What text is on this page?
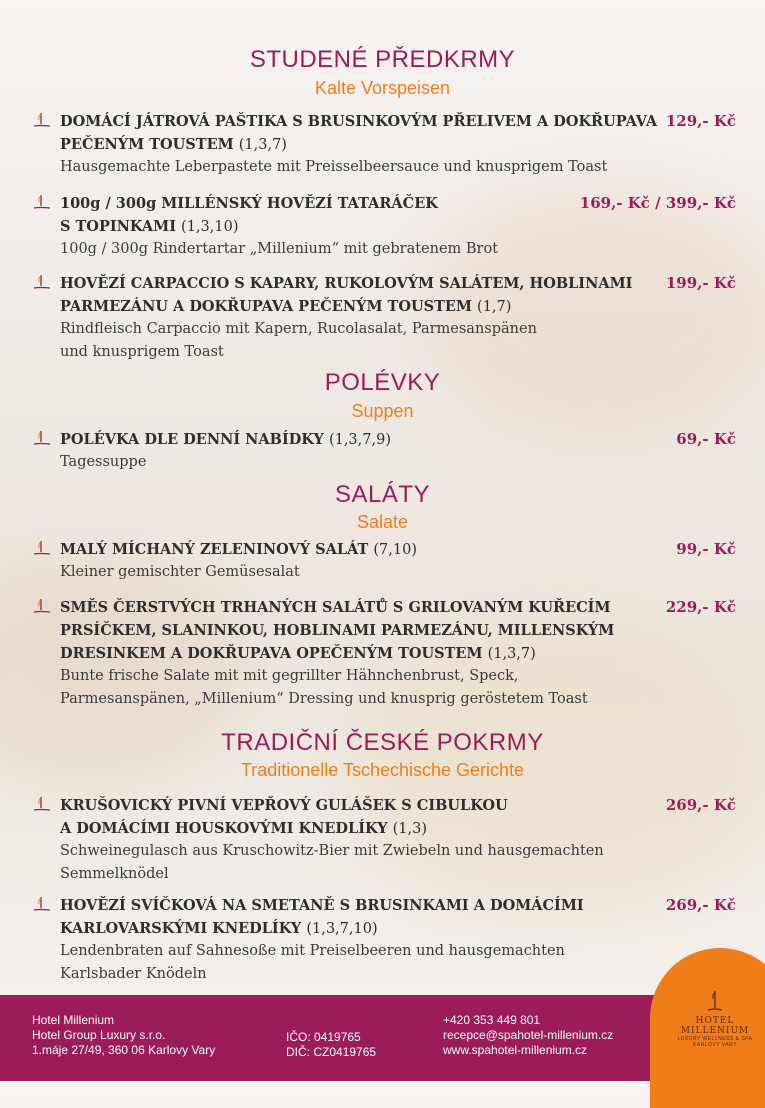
STUDENÉ PŘEDKRMY
Kalte Vorspeisen
DOMÁCÍ JÁTROVÁ PAŠTIKA S BRUSINKOVÝM PŘELIVEM A DOKŘUPAVA
PEČENÝM TOUSTEM (1,3,7)
129,- Kč
Hausgemachte Leberpastete mit Preisselbeersauce und knusprigem Toast
100g / 300g MILLÉNSKÝ HOVĚZÍ TATARÁČEK
S TOPINKAMI (1,3,10)
169,- Kč / 399,- Kč
100g / 300g Rindertartar „Millenium“ mit gebratenem Brot
HOVĚZÍ CARPACCIO S KAPARY, RUKOLOVÝM SALÁTEM, HOBLINAMI
PARMEZÁNU A DOKŘUPAVA PEČENÝM TOUSTEM (1,7)
199,- Kč
Rindfleisch Carpaccio mit Kapern, Rucolasalat, Parmesanspänen
und knusprigem Toast
POLÉVKY
Suppen
POLÉVKA DLE DENNÍ NABÍDKY (1,3,7,9)	69,- Kč
Tagessuppe
SALÁTY
Salate
MALÝ MÍCHANÝ ZELENINOVÝ SALÁT (7,10)	99,- Kč
Kleiner gemischter Gemüsesalat
SMĚS ČERSTVÝCH TRHANÝCH SALÁTŮ S GRILOVANÝM KUŘECÍM
PRSÍČKEM, SLANINKOU, HOBLINAMI PARMEZÁNU, MILLENSKÝM
DRESINKEM A DOKŘUPAVA OPEČENÝM TOUSTEM (1,3,7)
229,- Kč
Bunte frische Salate mit mit gegrillter Hähnchenbrust, Speck,
Parmesanspänen, „Millenium“ Dressing und knusprig geröstetem Toast
TRADIČNÍ ČESKÉ POKRMY
Traditionelle Tschechische Gerichte
KRUŠOVICKÝ PIVNÍ VEPŘOVÝ GULÁŠEK S CIBULKOU
A DOMÁCÍMI HOUSKOVÝMI KNEDLÍKY (1,3)
269,- Kč
Schweinegulasch aus Kruschowitz-Bier mit Zwiebeln und hausgemachten
Semmelknödel
HOVĚZÍ SVÍČKOVÁ NA SMETANĚ S BRUSINKAMI A DOMÁCÍMI
KARLOVARSKÝMI KNEDLÍKY (1,3,7,10)
269,- Kč
Lendenbraten auf Sahnesoße mit Preiselbeeren und hausgemachten
Karlsbader Knödeln
Hotel Millenium
Hotel Group Luxury s.r.o.
1.máje 27/49, 360 06 Karlovy Vary
IČO: 0419765
DIČ: CZ0419765
+420 353 449 801
recepce@spahotel-millenium.cz
www.spahotel-millenium.cz
HOTEL
MILLENIUM
LUXURY WELLNESS & SPA
KARLOVY VARY
